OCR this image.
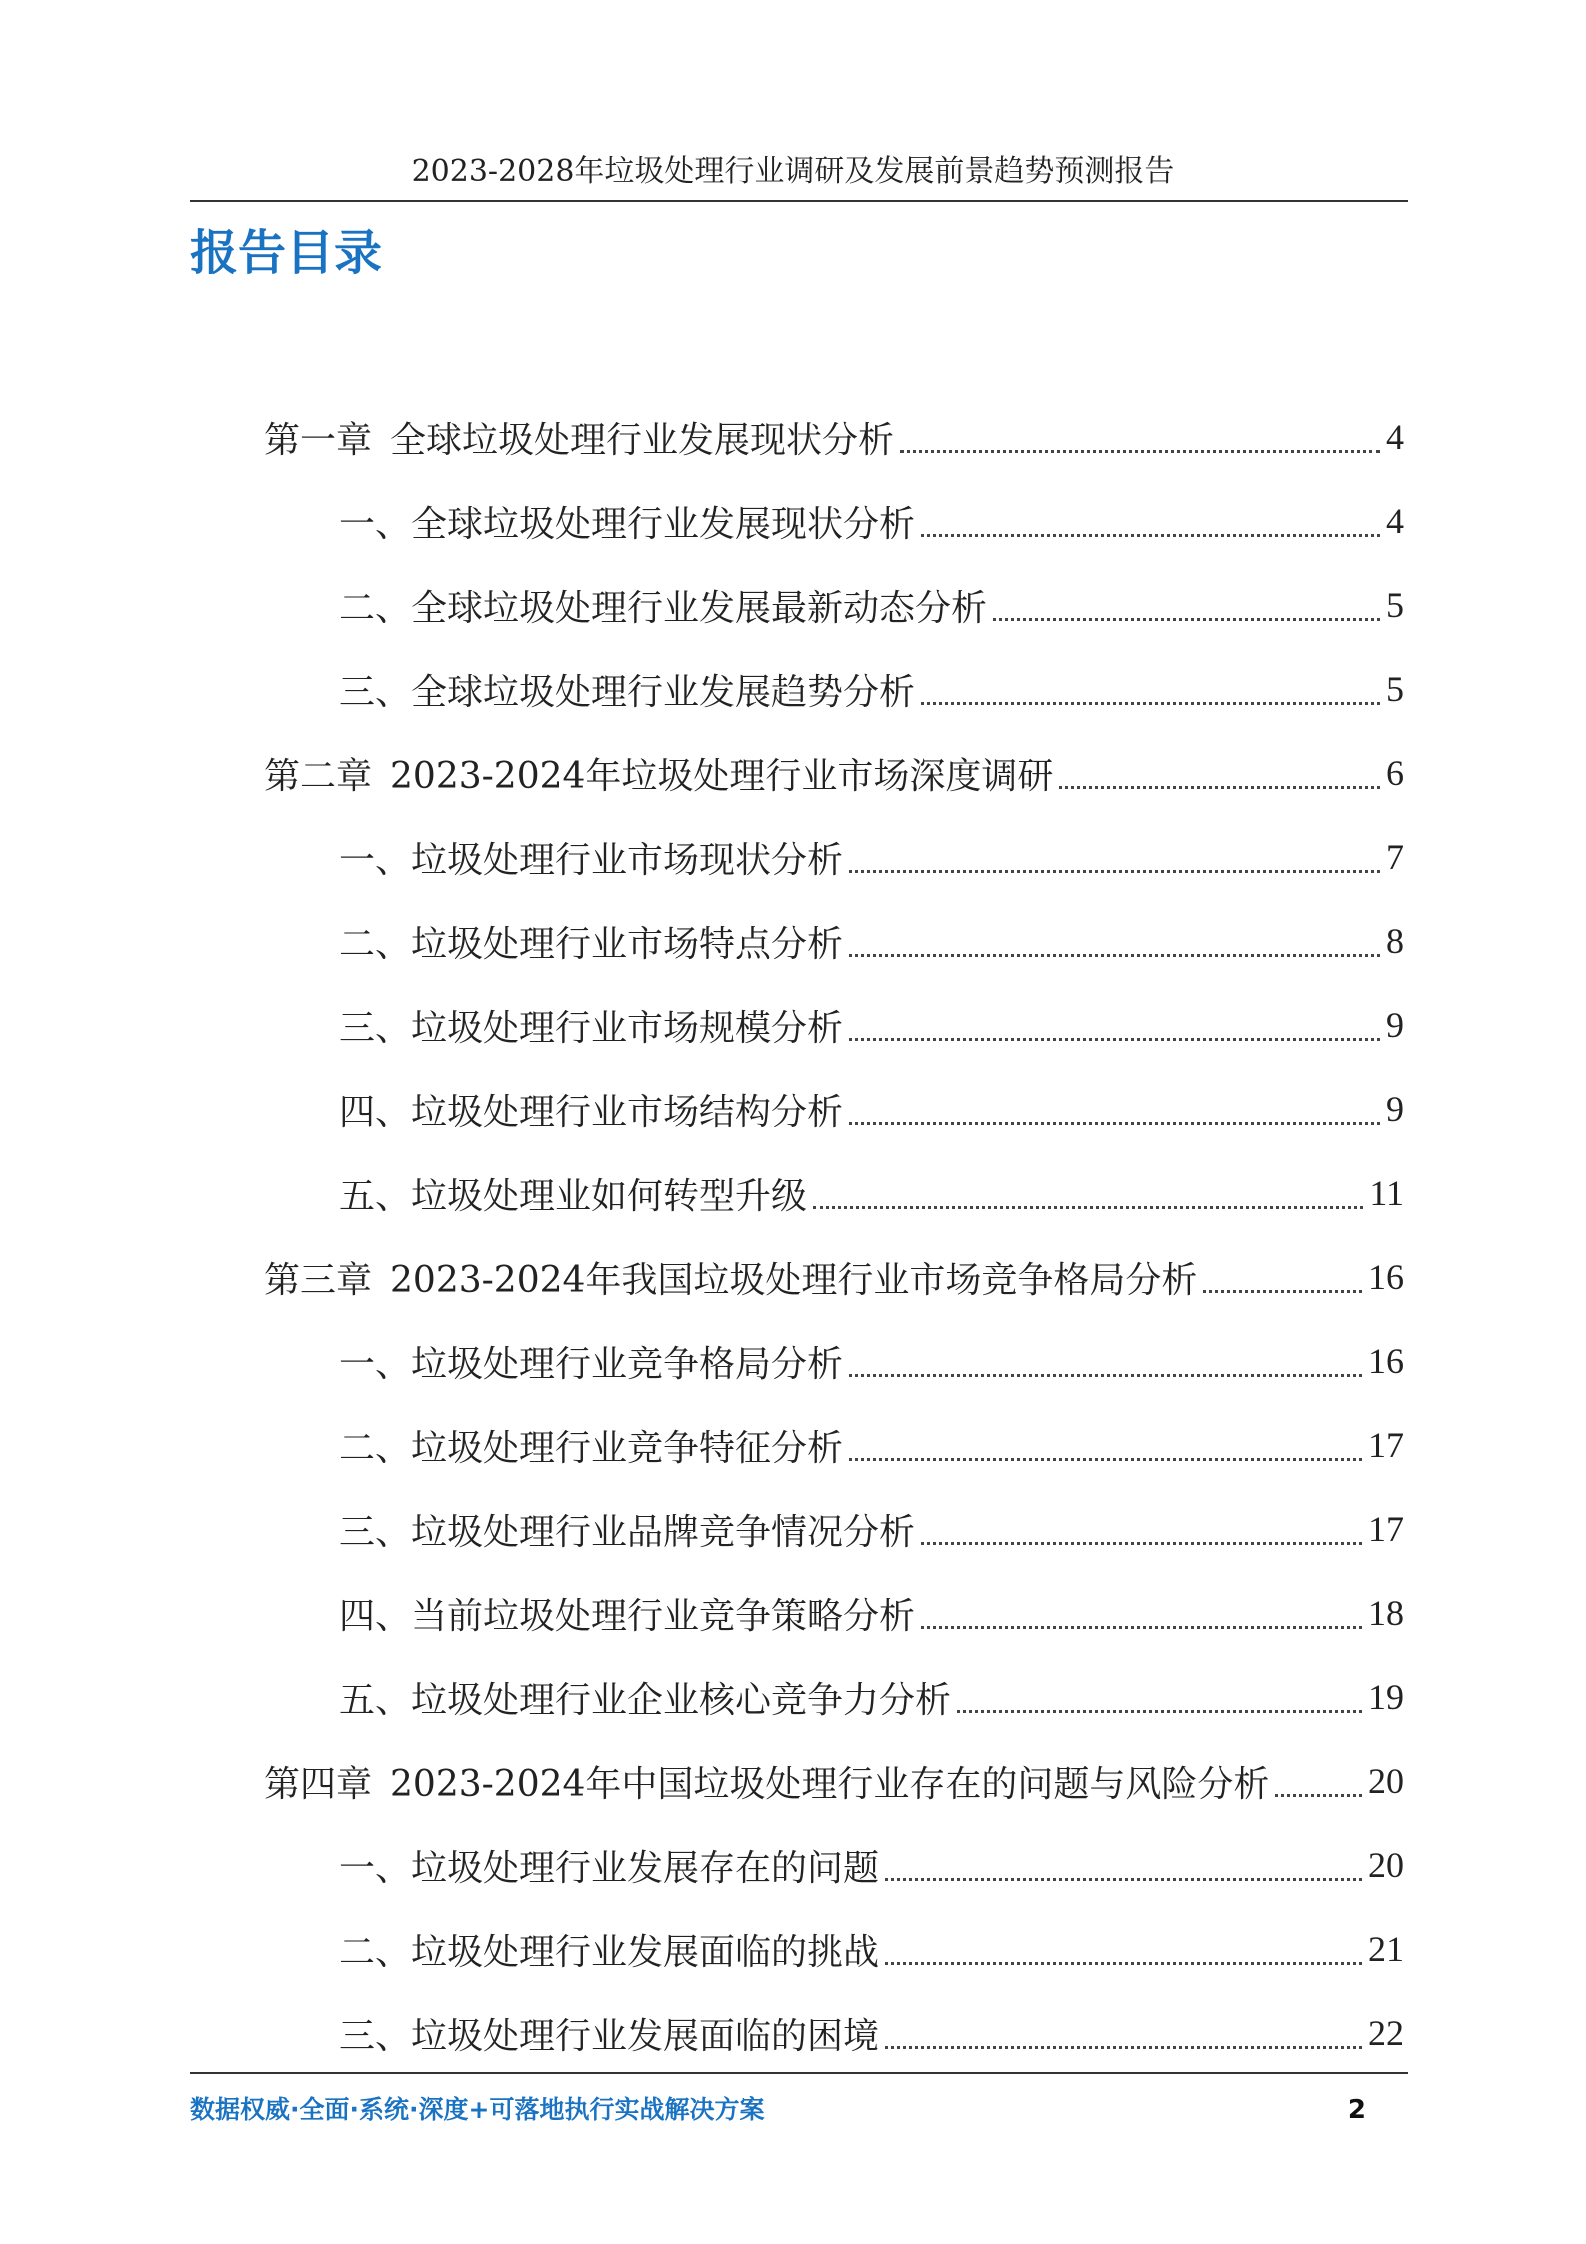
2023-2028年垃圾处理行业调研及发展前景趋势预测报告
报告目录
第一章 全球垃圾处理行业发展现状分析	4
一、全球垃圾处理行业发展现状分析	4
二、全球垃圾处理行业发展最新动态分析	5
三、全球垃圾处理行业发展趋势分析	5
第二章 2023-2024年垃圾处理行业市场深度调研	6
一、垃圾处理行业市场现状分析	7
二、垃圾处理行业市场特点分析	8
三、垃圾处理行业市场规模分析	9
四、垃圾处理行业市场结构分析	9
五、垃圾处理业如何转型升级	11
第三章 2023-2024年我国垃圾处理行业市场竞争格局分析	16
一、垃圾处理行业竞争格局分析	16
二、垃圾处理行业竞争特征分析	17
三、垃圾处理行业品牌竞争情况分析	17
四、当前垃圾处理行业竞争策略分析	18
五、垃圾处理行业企业核心竞争力分析	19
第四章 2023-2024年中国垃圾处理行业存在的问题与风险分析	20
一、垃圾处理行业发展存在的问题	20
二、垃圾处理行业发展面临的挑战	21
三、垃圾处理行业发展面临的困境	22
数据权威·全面·系统·深度+可落地执行实战解决方案	2
